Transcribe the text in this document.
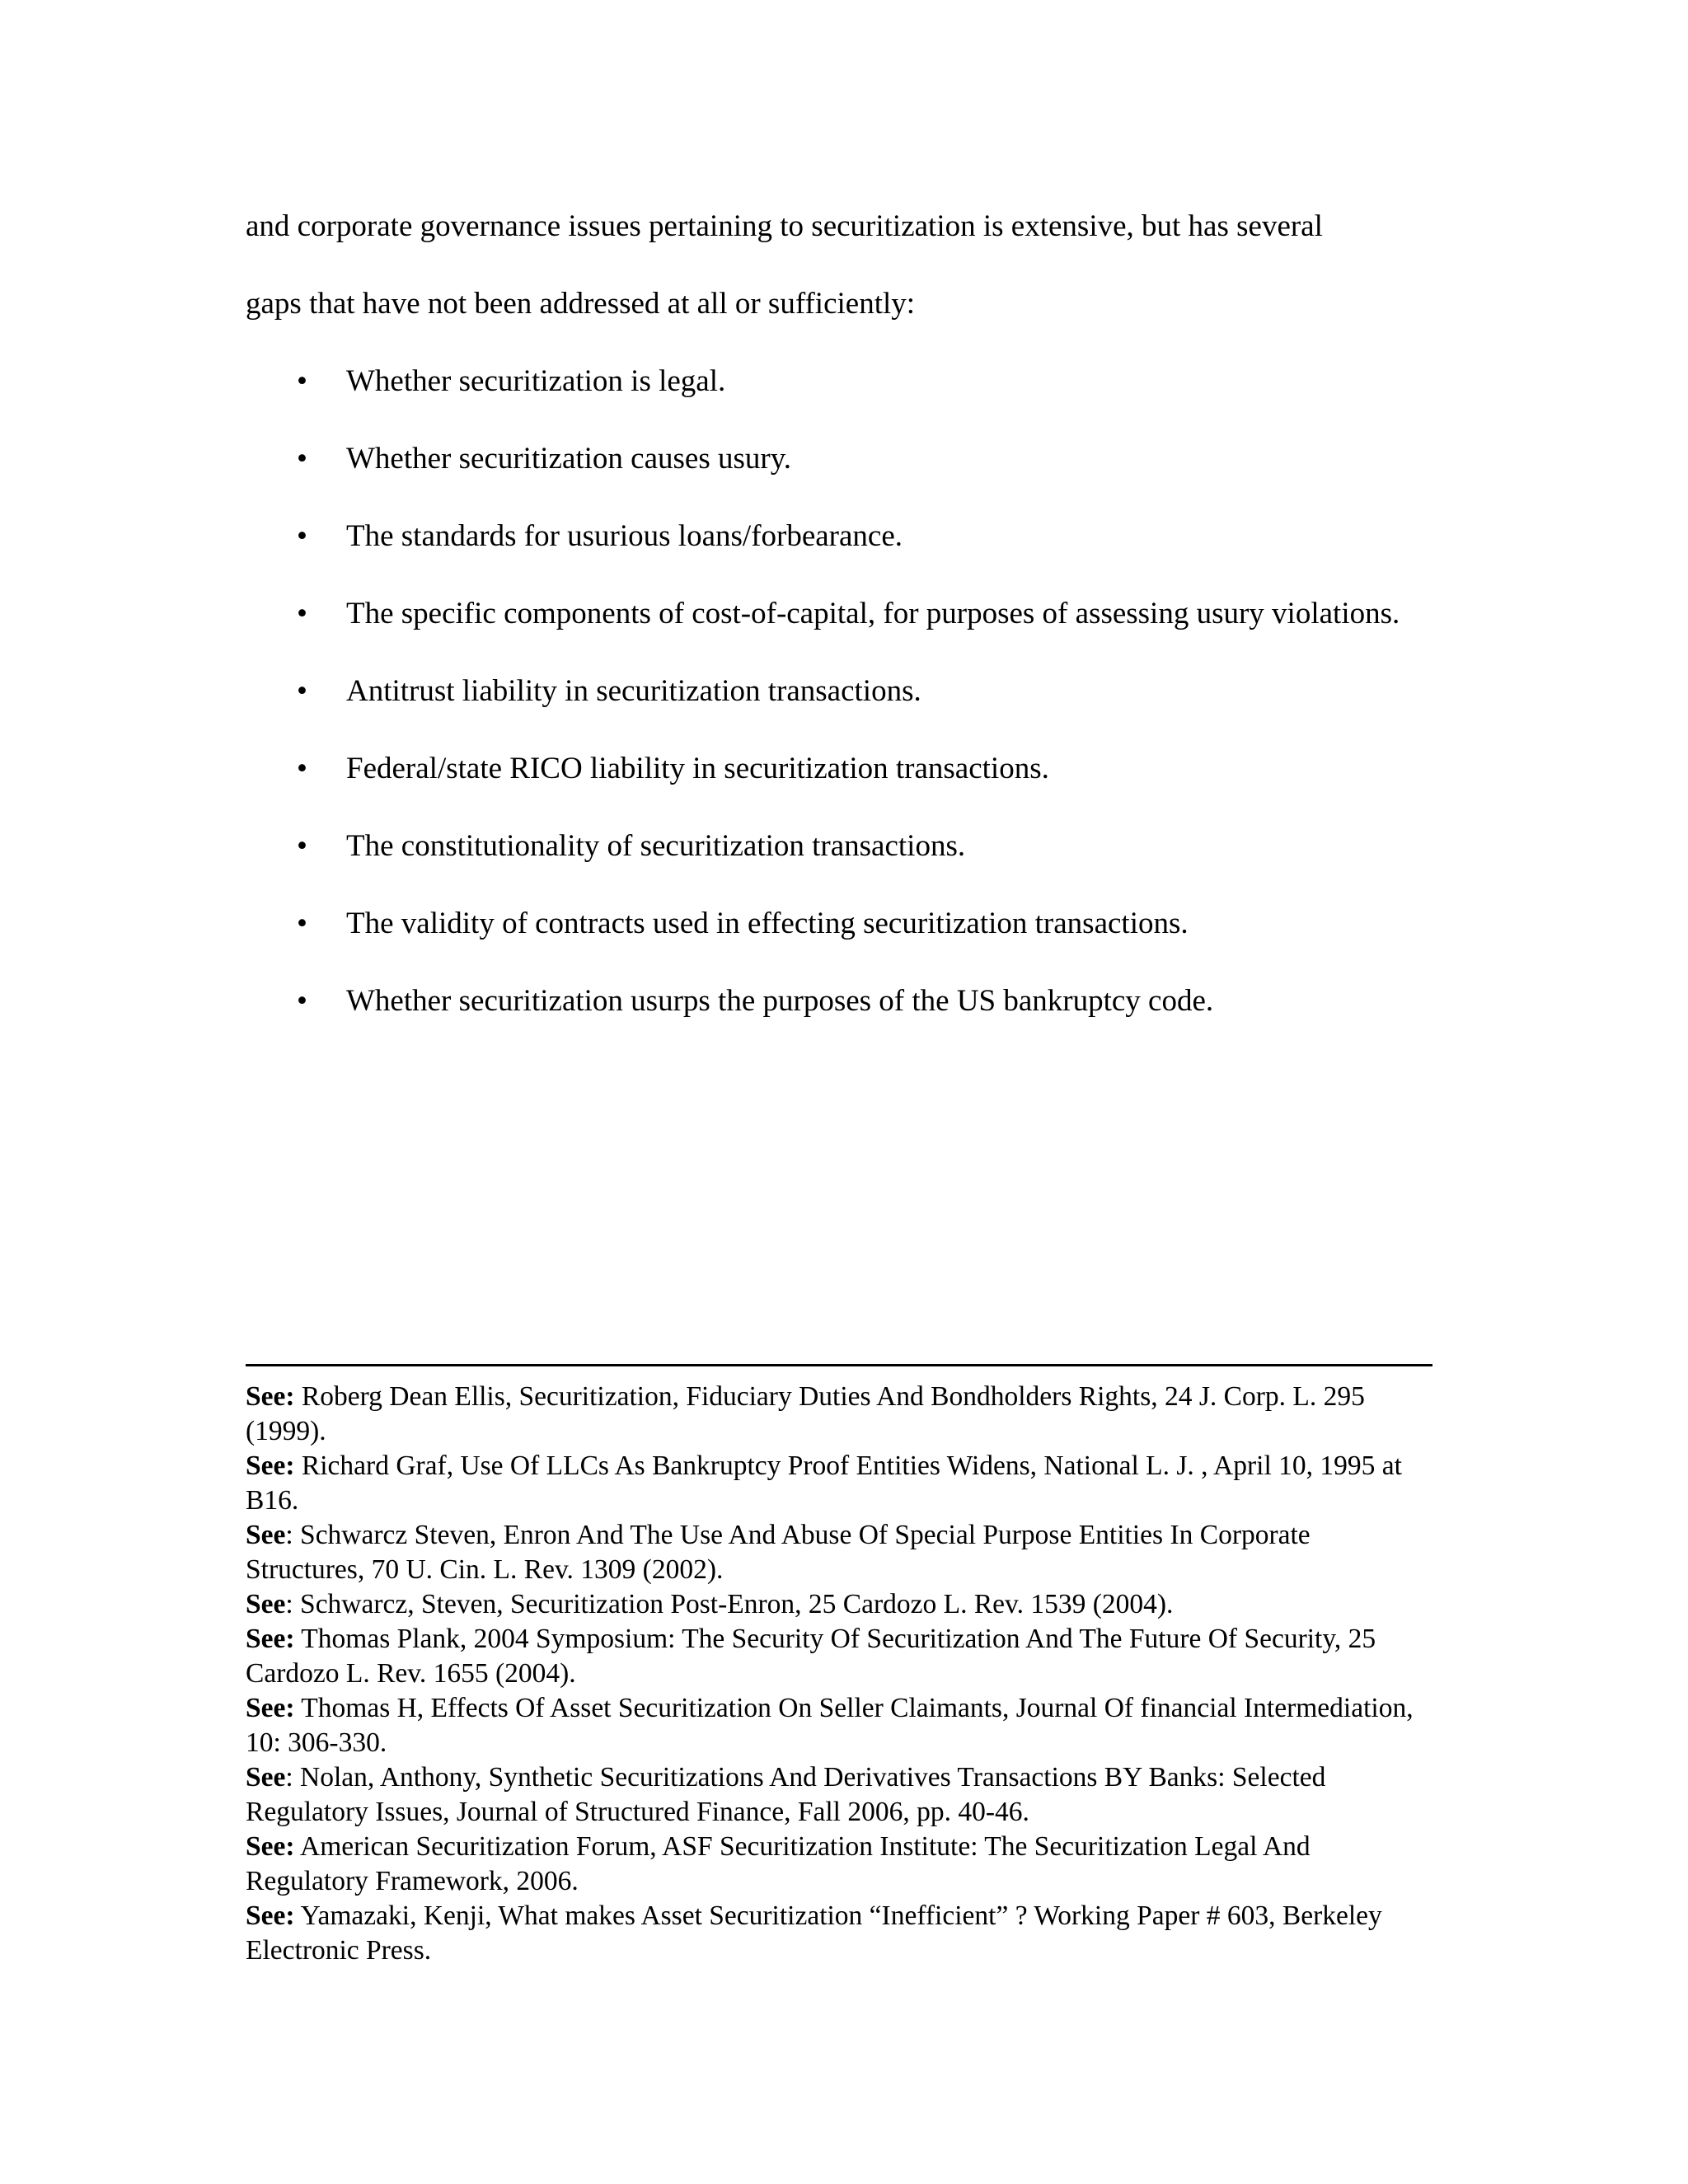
and corporate governance issues pertaining to securitization is extensive, but has several

gaps that have not been addressed at all or sufficiently:

• Whether securitization is legal.
• Whether securitization causes usury.
• The standards for usurious loans/forbearance.
• The specific components of cost-of-capital, for purposes of assessing usury violations.
• Antitrust liability in securitization transactions.
• Federal/state RICO liability in securitization transactions.
• The constitutionality of securitization transactions.
• The validity of contracts used in effecting securitization transactions.
• Whether securitization usurps the purposes of the US bankruptcy code.

See: Roberg Dean Ellis, Securitization, Fiduciary Duties And Bondholders Rights, 24 J. Corp. L. 295 (1999).

See: Richard Graf, Use Of LLCs As Bankruptcy Proof Entities Widens, National L. J. , April 10, 1995 at B16.

See: Schwarcz Steven, Enron And The Use And Abuse Of Special Purpose Entities In Corporate Structures, 70 U. Cin. L. Rev. 1309 (2002).

See: Schwarcz, Steven, Securitization Post-Enron, 25 Cardozo L. Rev. 1539 (2004).

See: Thomas Plank, 2004 Symposium: The Security Of Securitization And The Future Of Security, 25 Cardozo L. Rev. 1655 (2004).

See: Thomas H, Effects Of Asset Securitization On Seller Claimants, Journal Of financial Intermediation, 10: 306-330.

See: Nolan, Anthony, Synthetic Securitizations And Derivatives Transactions BY Banks: Selected Regulatory Issues, Journal of Structured Finance, Fall 2006, pp. 40-46.

See: American Securitization Forum, ASF Securitization Institute: The Securitization Legal And Regulatory Framework, 2006.

See: Yamazaki, Kenji, What makes Asset Securitization “Inefficient” ? Working Paper # 603, Berkeley Electronic Press.
